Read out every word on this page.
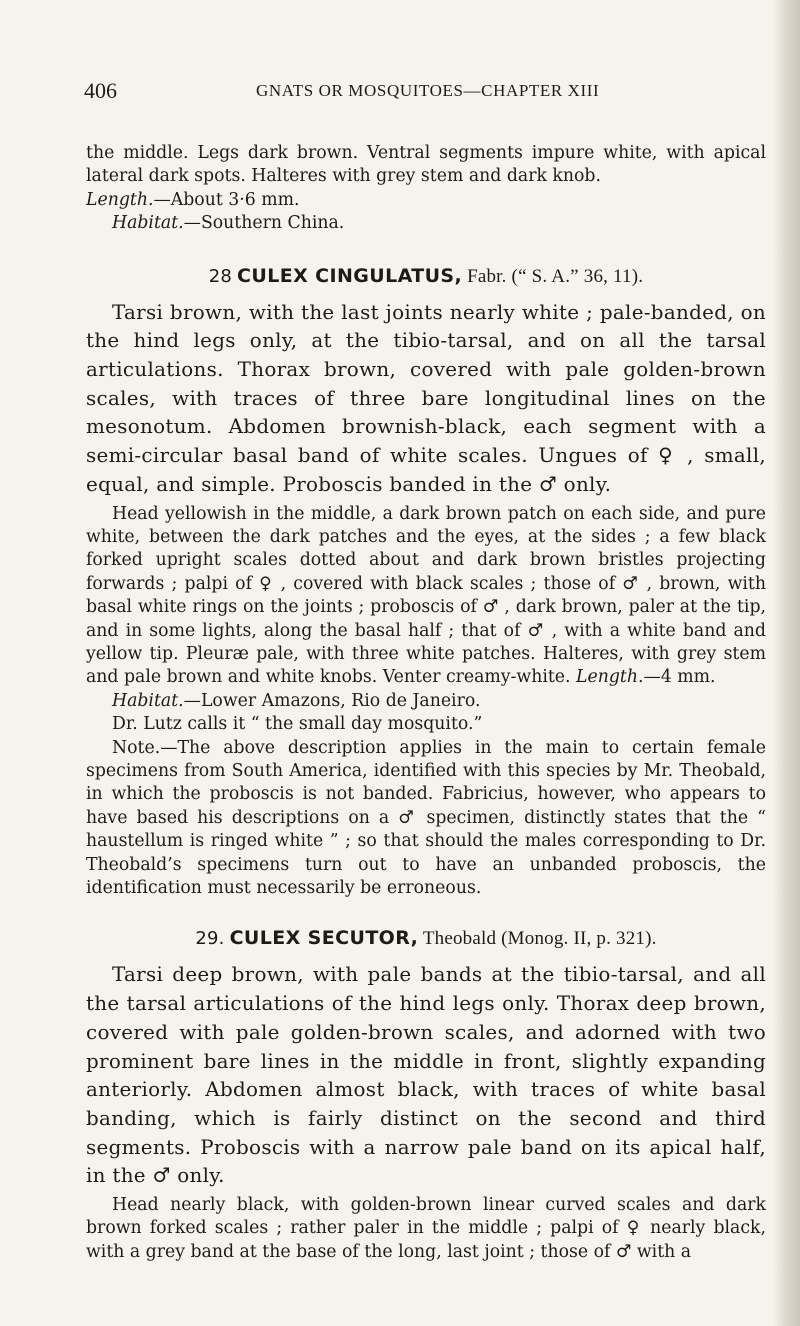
406	GNATS OR MOSQUITOES—CHAPTER XIII

the middle. Legs dark brown. Ventral segments impure white, with apical lateral dark spots. Halteres with grey stem and dark knob.

Length.—About 3·6 mm.

Habitat.—Southern China.

28 CULEX CINGULATUS, Fabr. (“ S. A.” 36, 11).

Tarsi brown, with the last joints nearly white ; pale-banded, on the hind legs only, at the tibio-tarsal, and on all the tarsal articulations. Thorax brown, covered with pale golden-brown scales, with traces of three bare longitudinal lines on the mesonotum. Abdomen brownish-black, each segment with a semi-circular basal band of white scales. Ungues of ♀ , small, equal, and simple. Proboscis banded in the ♂ only.

Head yellowish in the middle, a dark brown patch on each side, and pure white, between the dark patches and the eyes, at the sides ; a few black forked upright scales dotted about and dark brown bristles projecting forwards ; palpi of ♀ , covered with black scales ; those of ♂ , brown, with basal white rings on the joints ; proboscis of ♂ , dark brown, paler at the tip, and in some lights, along the basal half ; that of ♂ , with a white band and yellow tip. Pleuræ pale, with three white patches. Halteres, with grey stem and pale brown and white knobs. Venter creamy-white. Length.—4 mm.

Habitat.—Lower Amazons, Rio de Janeiro.

Dr. Lutz calls it “ the small day mosquito.”

Note.—The above description applies in the main to certain female specimens from South America, identified with this species by Mr. Theobald, in which the proboscis is not banded. Fabricius, however, who appears to have based his descriptions on a ♂ specimen, distinctly states that the “ haustellum is ringed white ” ; so that should the males corresponding to Dr. Theobald’s specimens turn out to have an unbanded proboscis, the identification must necessarily be erroneous.

29. CULEX SECUTOR, Theobald (Monog. II, p. 321).

Tarsi deep brown, with pale bands at the tibio-tarsal, and all the tarsal articulations of the hind legs only. Thorax deep brown, covered with pale golden-brown scales, and adorned with two prominent bare lines in the middle in front, slightly expanding anteriorly. Abdomen almost black, with traces of white basal banding, which is fairly distinct on the second and third segments. Proboscis with a narrow pale band on its apical half, in the ♂ only.

Head nearly black, with golden-brown linear curved scales and dark brown forked scales ; rather paler in the middle ; palpi of ♀ nearly black, with a grey band at the base of the long, last joint ; those of ♂ with a
